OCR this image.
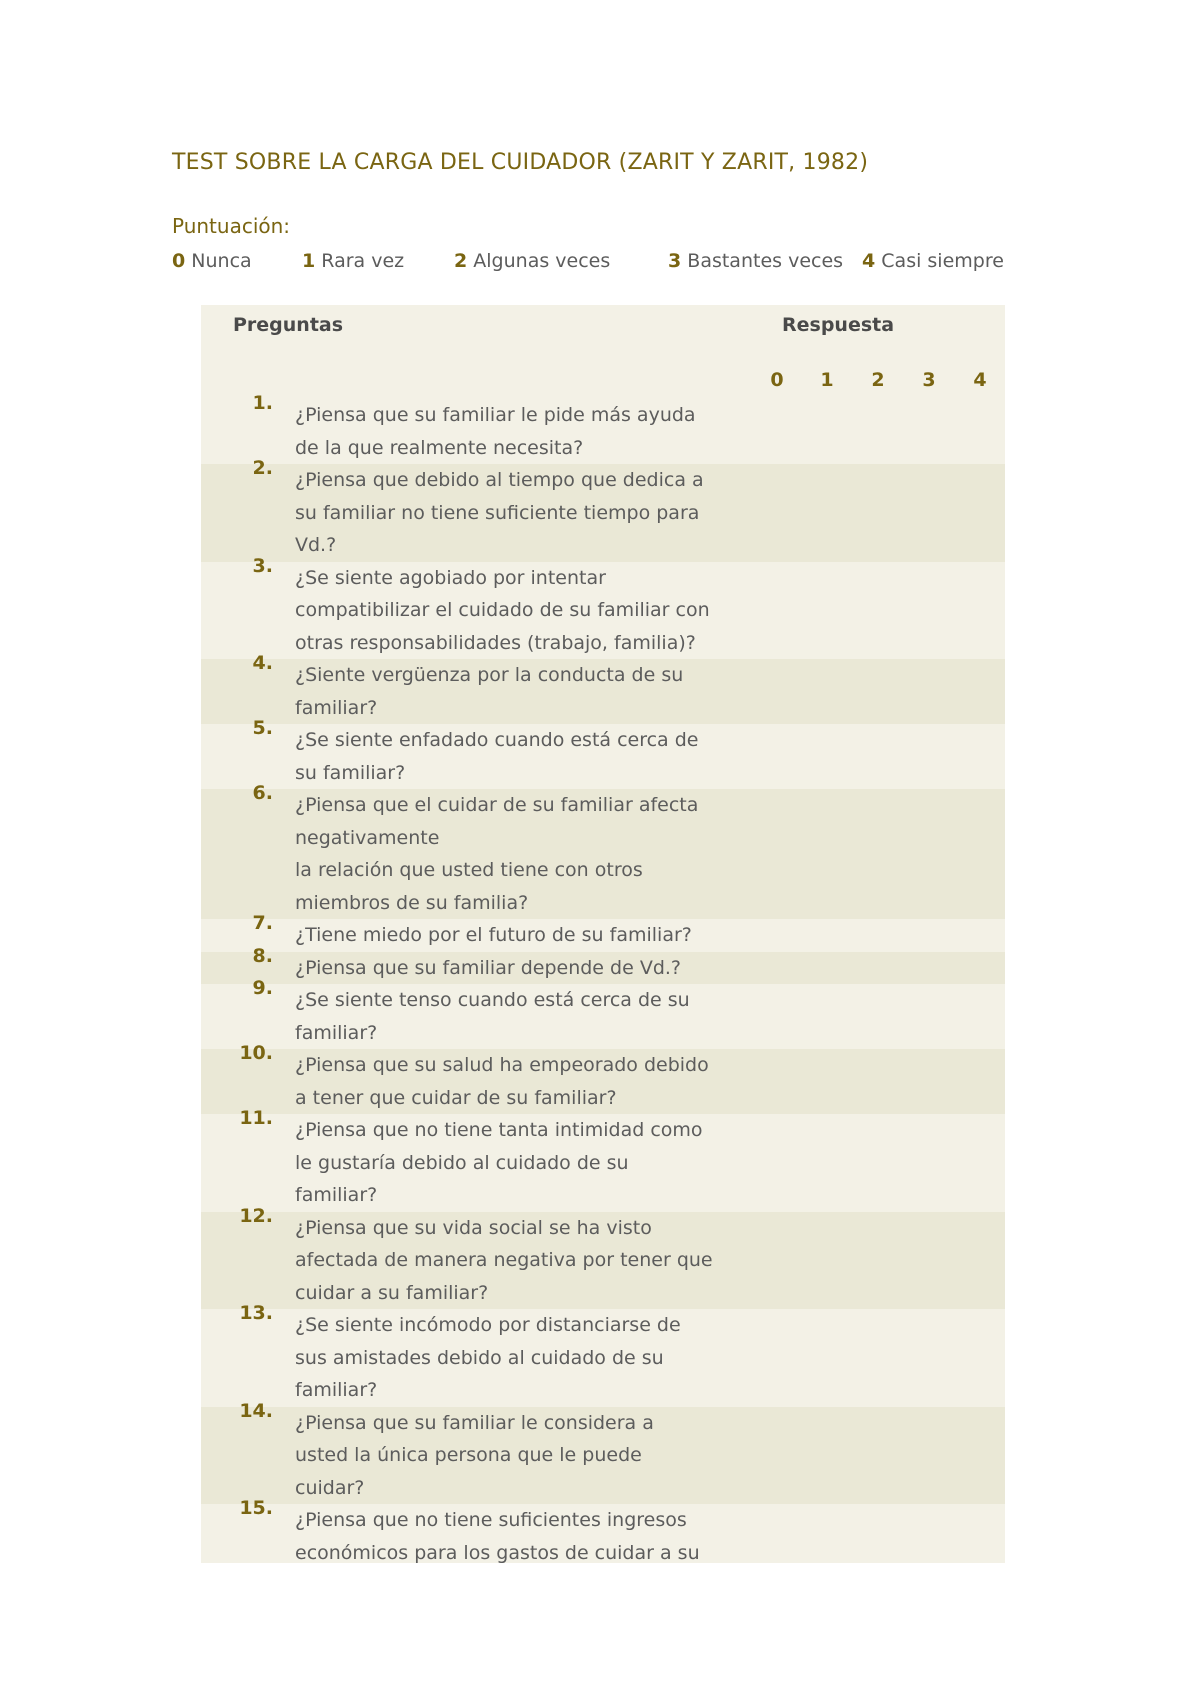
TEST SOBRE LA CARGA DEL CUIDADOR (ZARIT Y ZARIT, 1982)
Puntuación:
0 Nunca	1 Rara vez	2 Algunas veces	3 Bastantes veces 4 Casi siempre
Preguntas	Respuesta
0 1 2 3 4
1.
¿Piensa que su familiar le pide más ayuda
de la que realmente necesita?
2.
¿Piensa que debido al tiempo que dedica a
su familiar no tiene suficiente tiempo para
Vd.?
3.
¿Se siente agobiado por intentar
compatibilizar el cuidado de su familiar con
otras responsabilidades (trabajo, familia)?
4.
¿Siente vergüenza por la conducta de su
familiar?
5.
¿Se siente enfadado cuando está cerca de
su familiar?
6.
¿Piensa que el cuidar de su familiar afecta
negativamente
la relación que usted tiene con otros
miembros de su familia?
7.
¿Tiene miedo por el futuro de su familiar?
8.
¿Piensa que su familiar depende de Vd.?
9.
¿Se siente tenso cuando está cerca de su
familiar?
10.
¿Piensa que su salud ha empeorado debido
a tener que cuidar de su familiar?
11.
¿Piensa que no tiene tanta intimidad como
le gustaría debido al cuidado de su
familiar?
12.
¿Piensa que su vida social se ha visto
afectada de manera negativa por tener que
cuidar a su familiar?
13.
¿Se siente incómodo por distanciarse de
sus amistades debido al cuidado de su
familiar?
14.
¿Piensa que su familiar le considera a
usted la única persona que le puede
cuidar?
15.
¿Piensa que no tiene suficientes ingresos
económicos para los gastos de cuidar a su
